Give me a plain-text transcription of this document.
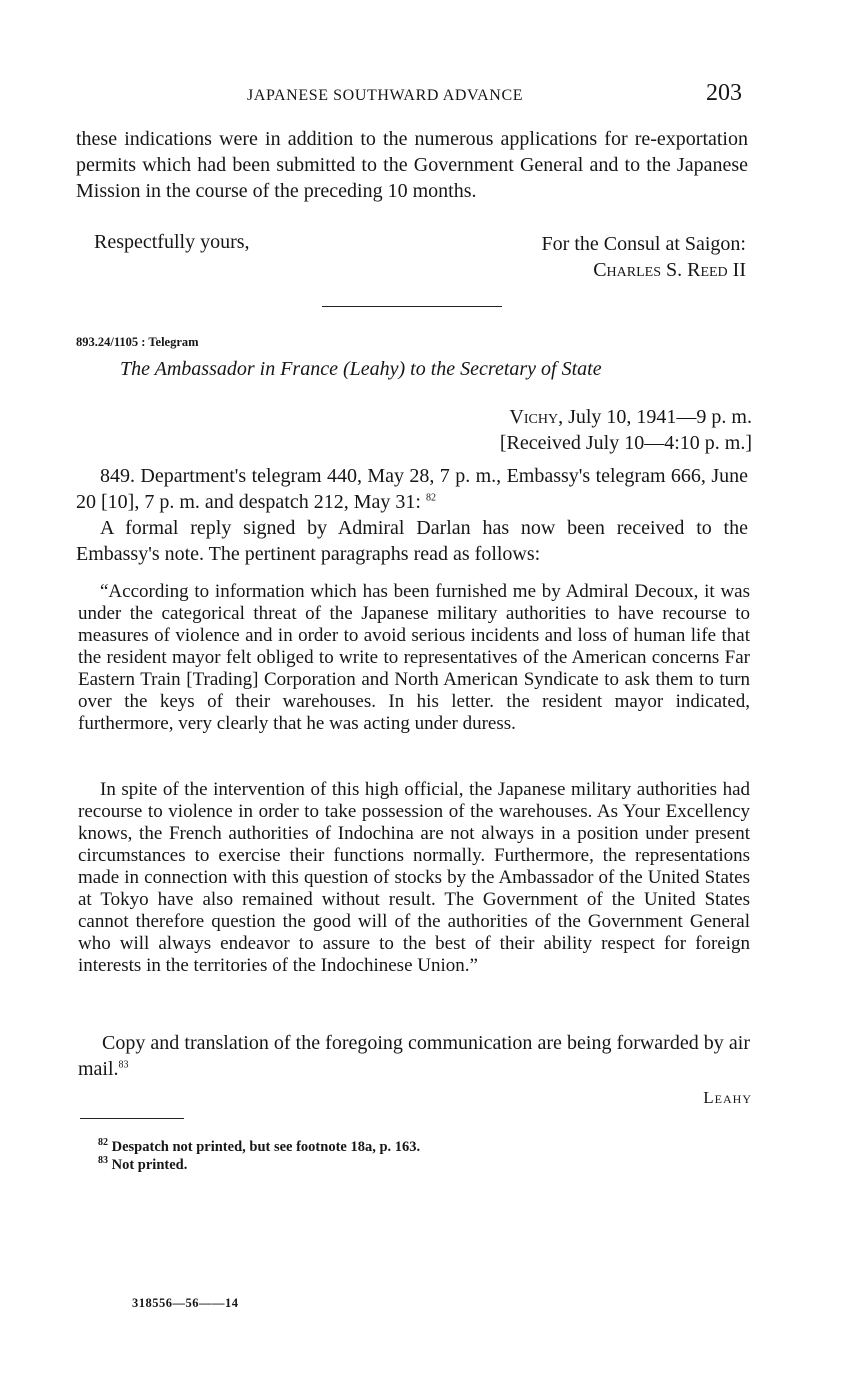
JAPANESE SOUTHWARD ADVANCE	203
these indications were in addition to the numerous applications for re-exportation permits which had been submitted to the Government General and to the Japanese Mission in the course of the preceding 10 months.
Respectfully yours,	For the Consul at Saigon:
Charles S. Reed II
893.24/1105 : Telegram
The Ambassador in France (Leahy) to the Secretary of State
Vichy, July 10, 1941—9 p. m.
[Received July 10—4:10 p. m.]
849. Department's telegram 440, May 28, 7 p. m., Embassy's telegram 666, June 20 [10], 7 p. m. and despatch 212, May 31: $^{82}$
A formal reply signed by Admiral Darlan has now been received to the Embassy's note. The pertinent paragraphs read as follows:
“According to information which has been furnished me by Admiral Decoux, it was under the categorical threat of the Japanese military authorities to have recourse to measures of violence and in order to avoid serious incidents and loss of human life that the resident mayor felt obliged to write to representatives of the American concerns Far Eastern Train [Trading] Corporation and North American Syndicate to ask them to turn over the keys of their warehouses. In his letter. the resident mayor indicated, furthermore, very clearly that he was acting under duress.
In spite of the intervention of this high official, the Japanese military authorities had recourse to violence in order to take possession of the warehouses. As Your Excellency knows, the French authorities of Indochina are not always in a position under present circumstances to exercise their functions normally. Furthermore, the representations made in connection with this question of stocks by the Ambassador of the United States at Tokyo have also remained without result. The Government of the United States cannot therefore question the good will of the authorities of the Government General who will always endeavor to assure to the best of their ability respect for foreign interests in the territories of the Indochinese Union.”
Copy and translation of the foregoing communication are being forwarded by air mail.$^{83}$
Leahy
$^{82}$ Despatch not printed, but see footnote 18a, p. 163.
$^{83}$ Not printed.
318556—56——14
